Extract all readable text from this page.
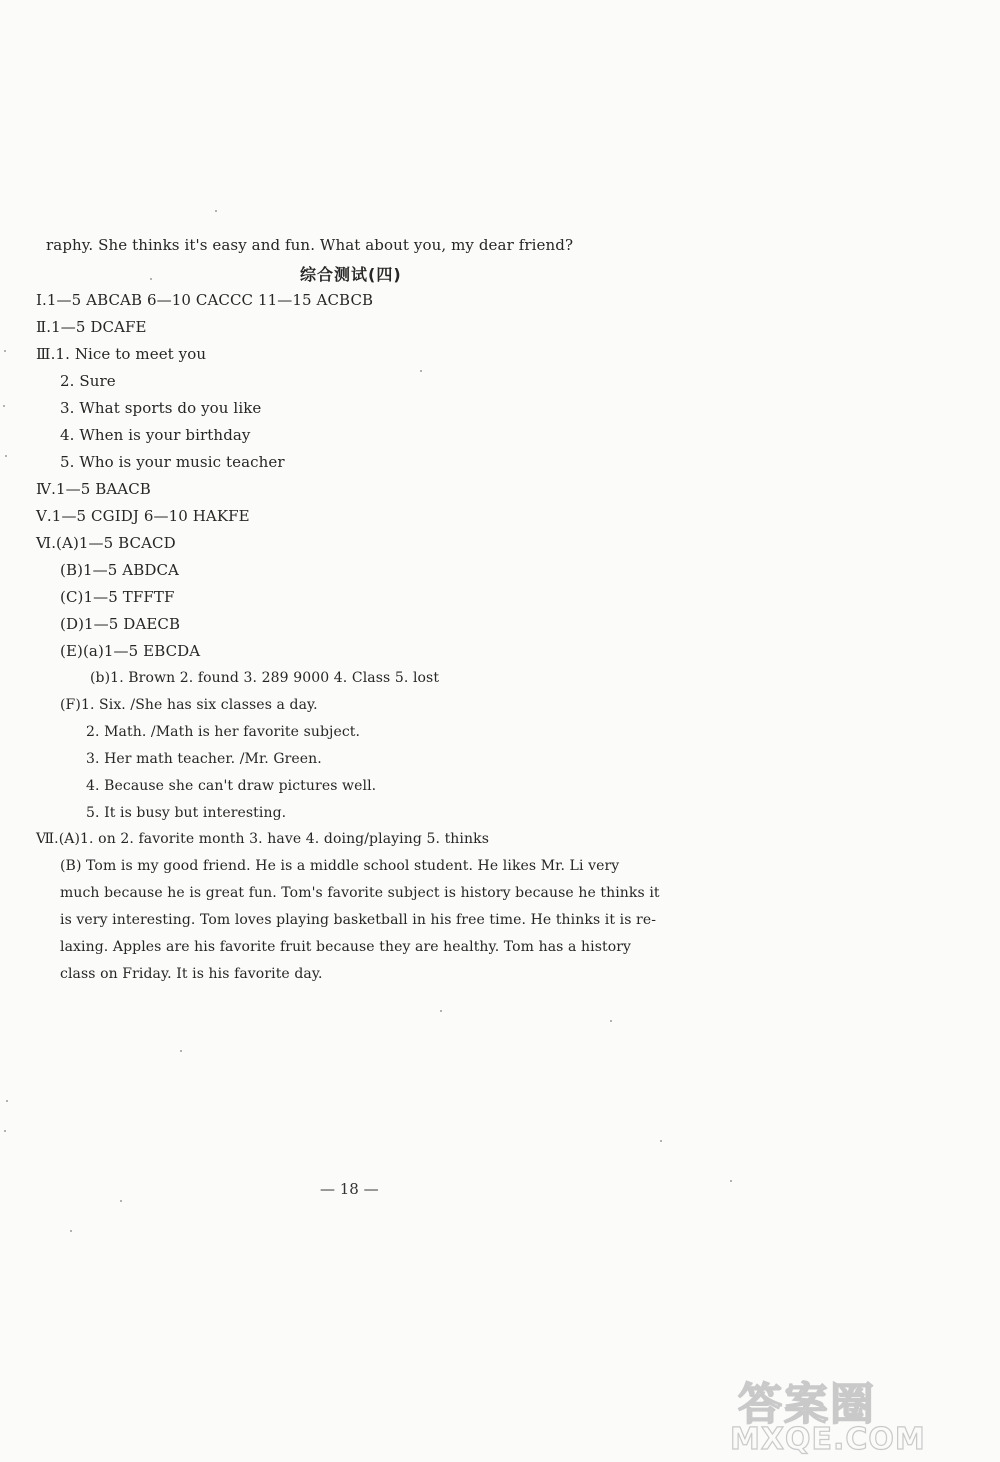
raphy. She thinks it's easy and fun. What about you, my dear friend?
综合测试(四)
Ⅰ.1—5 ABCAB 6—10 CACCC 11—15 ACBCB
Ⅱ.1—5 DCAFE
Ⅲ.1. Nice to meet you
2. Sure
3. What sports do you like
4. When is your birthday
5. Who is your music teacher
Ⅳ.1—5 BAACB
Ⅴ.1—5 CGIDJ 6—10 HAKFE
Ⅵ.(A)1—5 BCACD
(B)1—5 ABDCA
(C)1—5 TFFTF
(D)1—5 DAECB
(E)(a)1—5 EBCDA
(b)1. Brown 2. found 3. 289 9000 4. Class 5. lost
(F)1. Six. /She has six classes a day.
2. Math. /Math is her favorite subject.
3. Her math teacher. /Mr. Green.
4. Because she can't draw pictures well.
5. It is busy but interesting.
Ⅶ.(A)1. on 2. favorite month 3. have 4. doing/playing 5. thinks
(B) Tom is my good friend. He is a middle school student. He likes Mr. Li very
much because he is great fun. Tom's favorite subject is history because he thinks it
is very interesting. Tom loves playing basketball in his free time. He thinks it is re-
laxing. Apples are his favorite fruit because they are healthy. Tom has a history
class on Friday. It is his favorite day.
— 18 —
答案圈
MXQE.COM
